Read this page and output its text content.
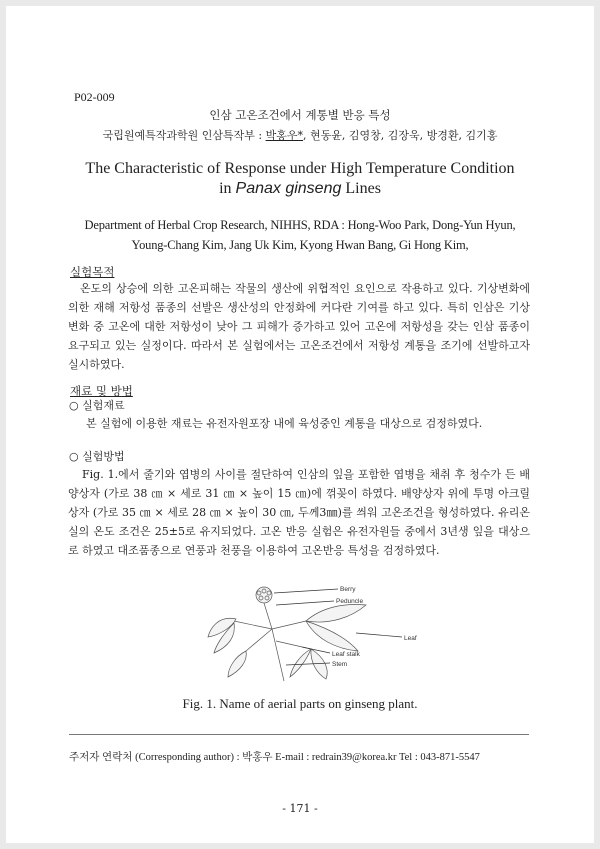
P02-009
인삼 고온조건에서 계통별 반응 특성
국립원예특작과학원 인삼특작부 : 박홍우*, 현동윤, 김영창, 김장욱, 방경환, 김기홍
The Characteristic of Response under High Temperature Condition
in Panax ginseng Lines
Department of Herbal Crop Research, NIHHS, RDA : Hong-Woo Park, Dong-Yun Hyun,
Young-Chang Kim, Jang Uk Kim, Kyong Hwan Bang, Gi Hong Kim,
실험목적
온도의 상승에 의한 고온피해는 작물의 생산에 위협적인 요인으로 작용하고 있다. 기상변화에 의한 재해 저항성 품종의 선발은 생산성의 안정화에 커다란 기여를 하고 있다. 특히 인삼은 기상변화 중 고온에 대한 저항성이 낮아 그 피해가 증가하고 있어 고온에 저항성을 갖는 인삼 품종이 요구되고 있는 실정이다. 따라서 본 실험에서는 고온조건에서 저항성 계통을 조기에 선발하고자 실시하였다.
재료 및 방법
○ 실험재료
본 실험에 이용한 재료는 유전자원포장 내에 육성중인 계통을 대상으로 검정하였다.
○ 실험방법
Fig. 1.에서 줄기와 엽병의 사이를 절단하여 인삼의 잎을 포함한 엽병을 채취 후 청수가 든 배양상자 (가로 38 ㎝ × 세로 31 ㎝ × 높이 15 ㎝)에 꺾꽂이 하였다. 배양상자 위에 투명 아크릴 상자 (가로 35 ㎝ × 세로 28 ㎝ × 높이 30 ㎝, 두께3㎜)를 씌워 고온조건을 형성하였다. 유리온실의 온도 조건은 25±5로 유지되었다. 고온 반응 실험은 유전자원들 중에서 3년생 잎을 대상으로 하였고 대조품종으로 연풍과 천풍을 이용하여 고온반응 특성을 검정하였다.
Berry
Peduncle
Leaf
Leaf stalk
Stem
Fig. 1. Name of aerial parts on ginseng plant.
주저자 연락처 (Corresponding author) : 박홍우 E-mail : redrain39@korea.kr Tel : 043-871-5547
- 171 -
